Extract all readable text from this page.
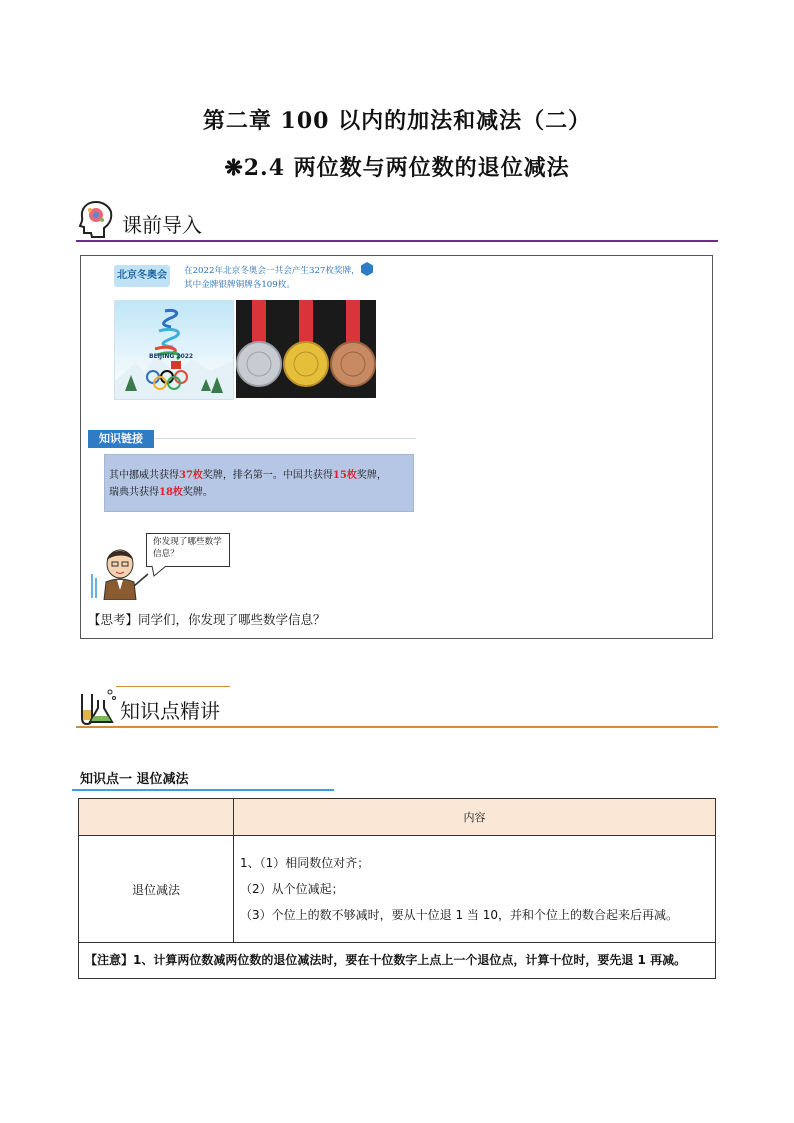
第二章 100 以内的加法和减法（二）
❋2.4 两位数与两位数的退位减法
课前导入
北京冬奥会	在2022年北京冬奥会一共会产生327枚奖牌，
其中金牌银牌铜牌各109枚。
BEIJING 2022
知识链接
其中挪威共获得37枚奖牌，排名第一。中国共获得15枚奖牌，
瑞典共获得18枚奖牌。
你发现了哪些数学信息？
【思考】同学们，你发现了哪些数学信息？
知识点精讲
知识点一 退位减法
	内容
退位减法	1、（1）相同数位对齐；
（2）从个位减起；
（3）个位上的数不够减时，要从十位退 1 当 10，并和个位上的数合起来后再减。

【注意】1、计算两位数减两位数的退位减法时，要在十位数字上点上一个退位点，计算十位时，要先退 1 再减。	
